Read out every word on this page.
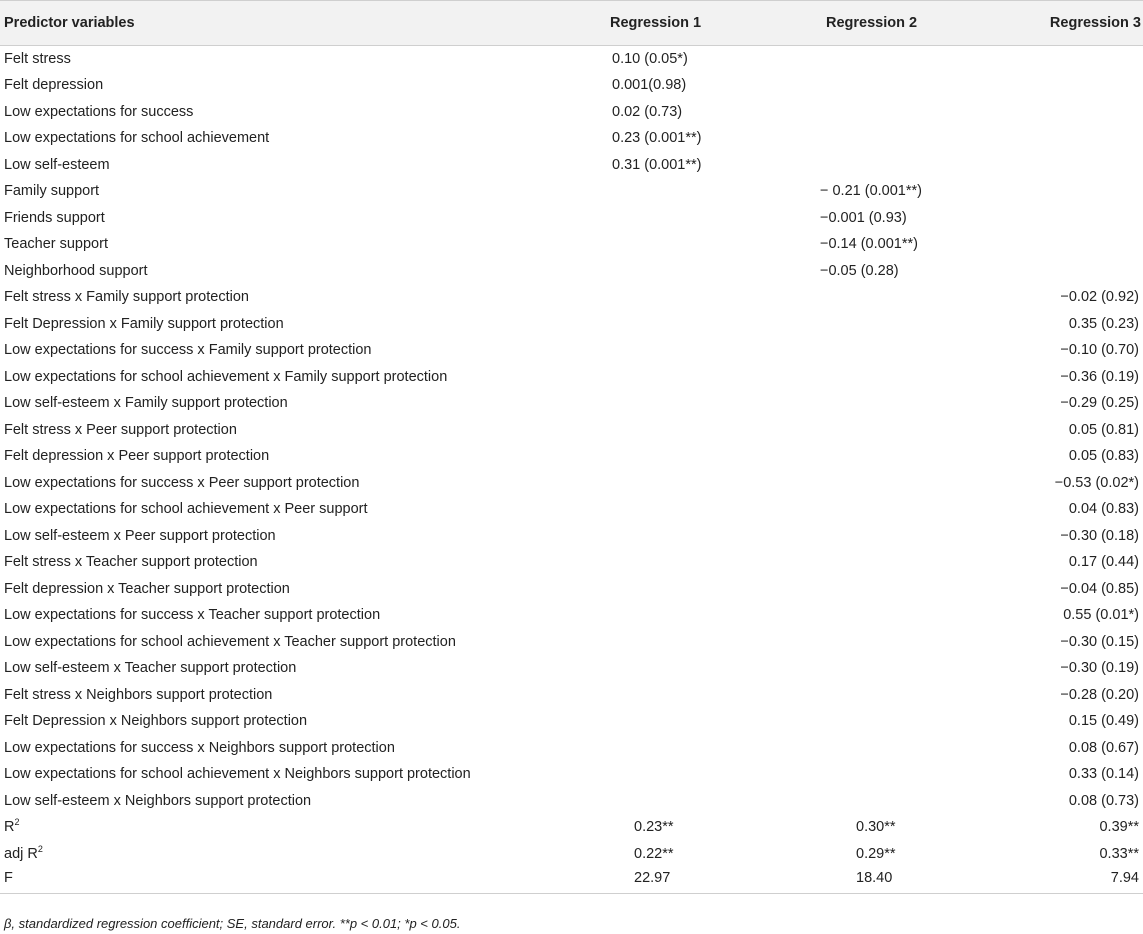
Predictor variables	Regression 1	Regression 2	Regression 3
Felt stress	0.10 (0.05*)		
Felt depression	0.001(0.98)		
Low expectations for success	0.02 (0.73)		
Low expectations for school achievement	0.23 (0.001**)		
Low self-esteem	0.31 (0.001**)		
Family support		− 0.21 (0.001**)	
Friends support		−0.001 (0.93)	
Teacher support		−0.14 (0.001**)	
Neighborhood support		−0.05 (0.28)	
Felt stress x Family support protection			−0.02 (0.92)
Felt Depression x Family support protection			0.35 (0.23)
Low expectations for success x Family support protection			−0.10 (0.70)
Low expectations for school achievement x Family support protection			−0.36 (0.19)
Low self-esteem x Family support protection			−0.29 (0.25)
Felt stress x Peer support protection			0.05 (0.81)
Felt depression x Peer support protection			0.05 (0.83)
Low expectations for success x Peer support protection			−0.53 (0.02*)
Low expectations for school achievement x Peer support			0.04 (0.83)
Low self-esteem x Peer support protection			−0.30 (0.18)
Felt stress x Teacher support protection			0.17 (0.44)
Felt depression x Teacher support protection			−0.04 (0.85)
Low expectations for success x Teacher support protection			0.55 (0.01*)
Low expectations for school achievement x Teacher support protection			−0.30 (0.15)
Low self-esteem x Teacher support protection			−0.30 (0.19)
Felt stress x Neighbors support protection			−0.28 (0.20)
Felt Depression x Neighbors support protection			0.15 (0.49)
Low expectations for success x Neighbors support protection			0.08 (0.67)
Low expectations for school achievement x Neighbors support protection			0.33 (0.14)
Low self-esteem x Neighbors support protection			0.08 (0.73)
$R^2$	0.23**	0.30**	0.39**
adj $R^2$	0.22**	0.29**	0.33**
F	22.97	18.40	7.94
β, standardized regression coefficient; SE, standard error. **p < 0.01; *p < 0.05.
